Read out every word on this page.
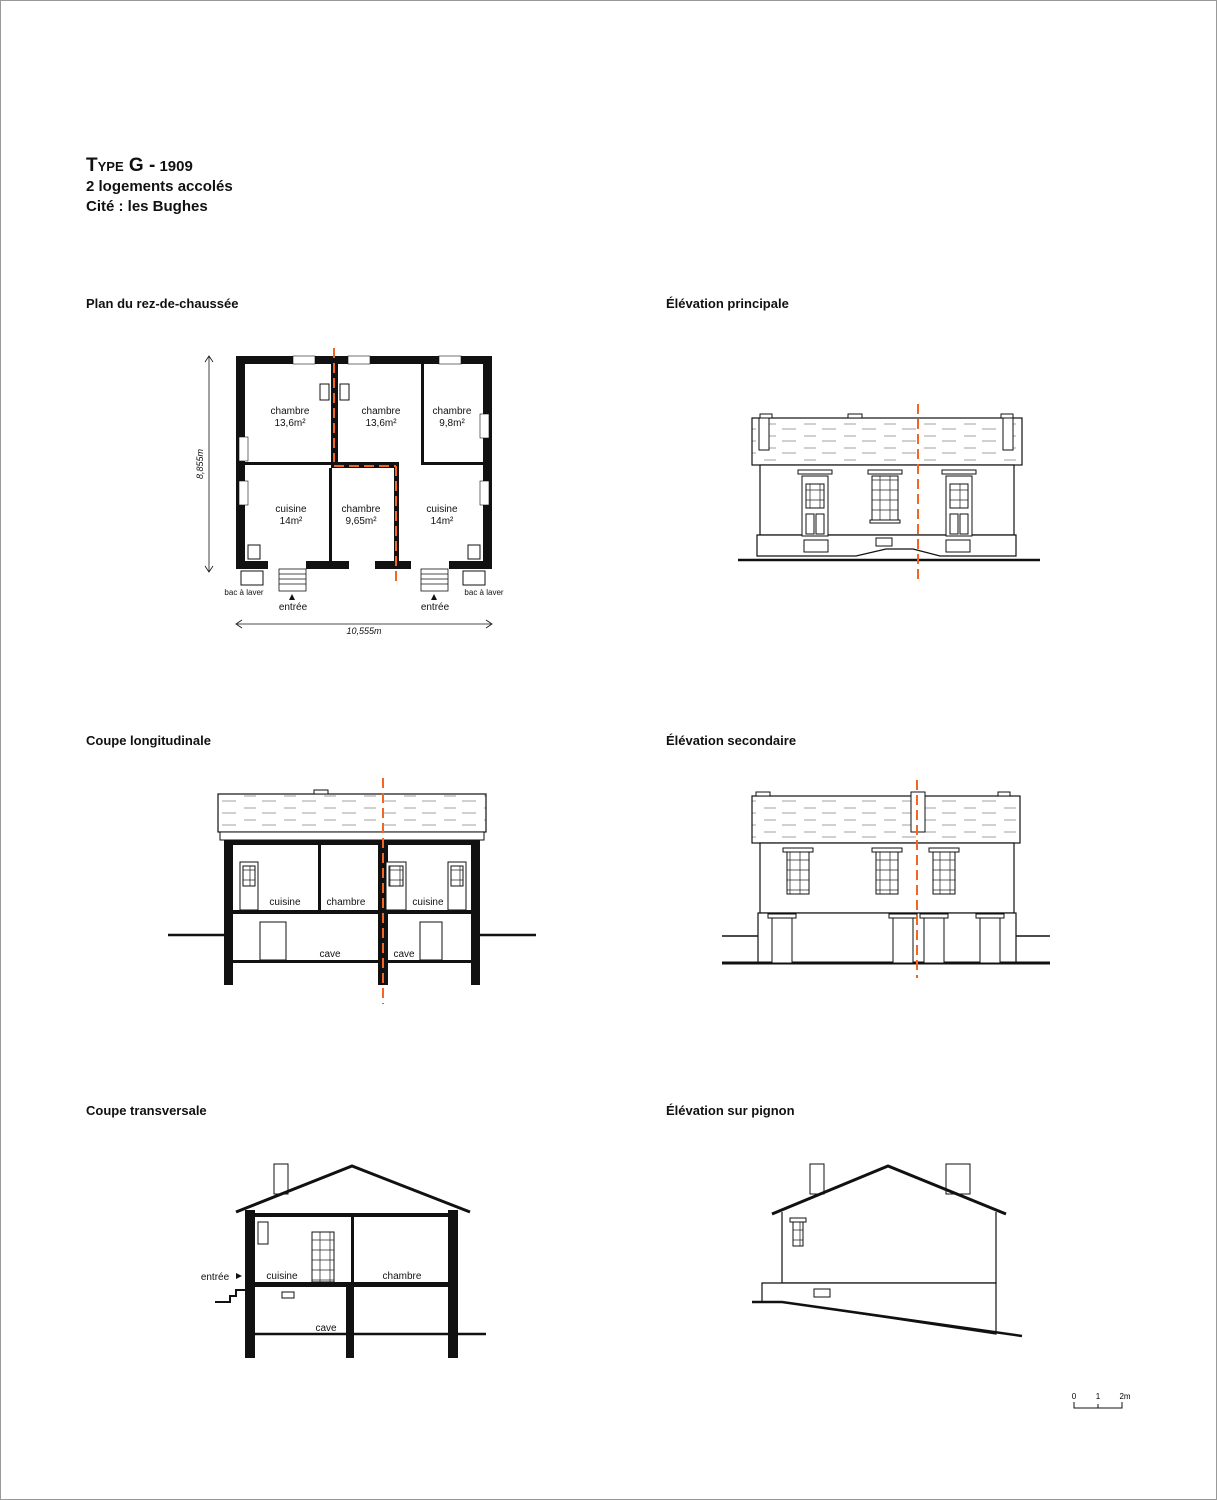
Type G - 1909
2 logements accolés
Cité : les Bughes
Plan du rez-de-chaussée	Élévation principale
Coupe longitudinale	Élévation secondaire
Coupe transversale	Élévation sur pignon
chambre
13,6m²
chambre
13,6m²
chambre
9,8m²
cuisine
14m²
chambre
9,65m²
cuisine
14m²
bac à laver	bac à laver
entrée	entrée
10,555m
8,855m
cuisine	chambre	cuisine
cave	cave
entrée	cuisine	chambre
cave
0 1 2m
